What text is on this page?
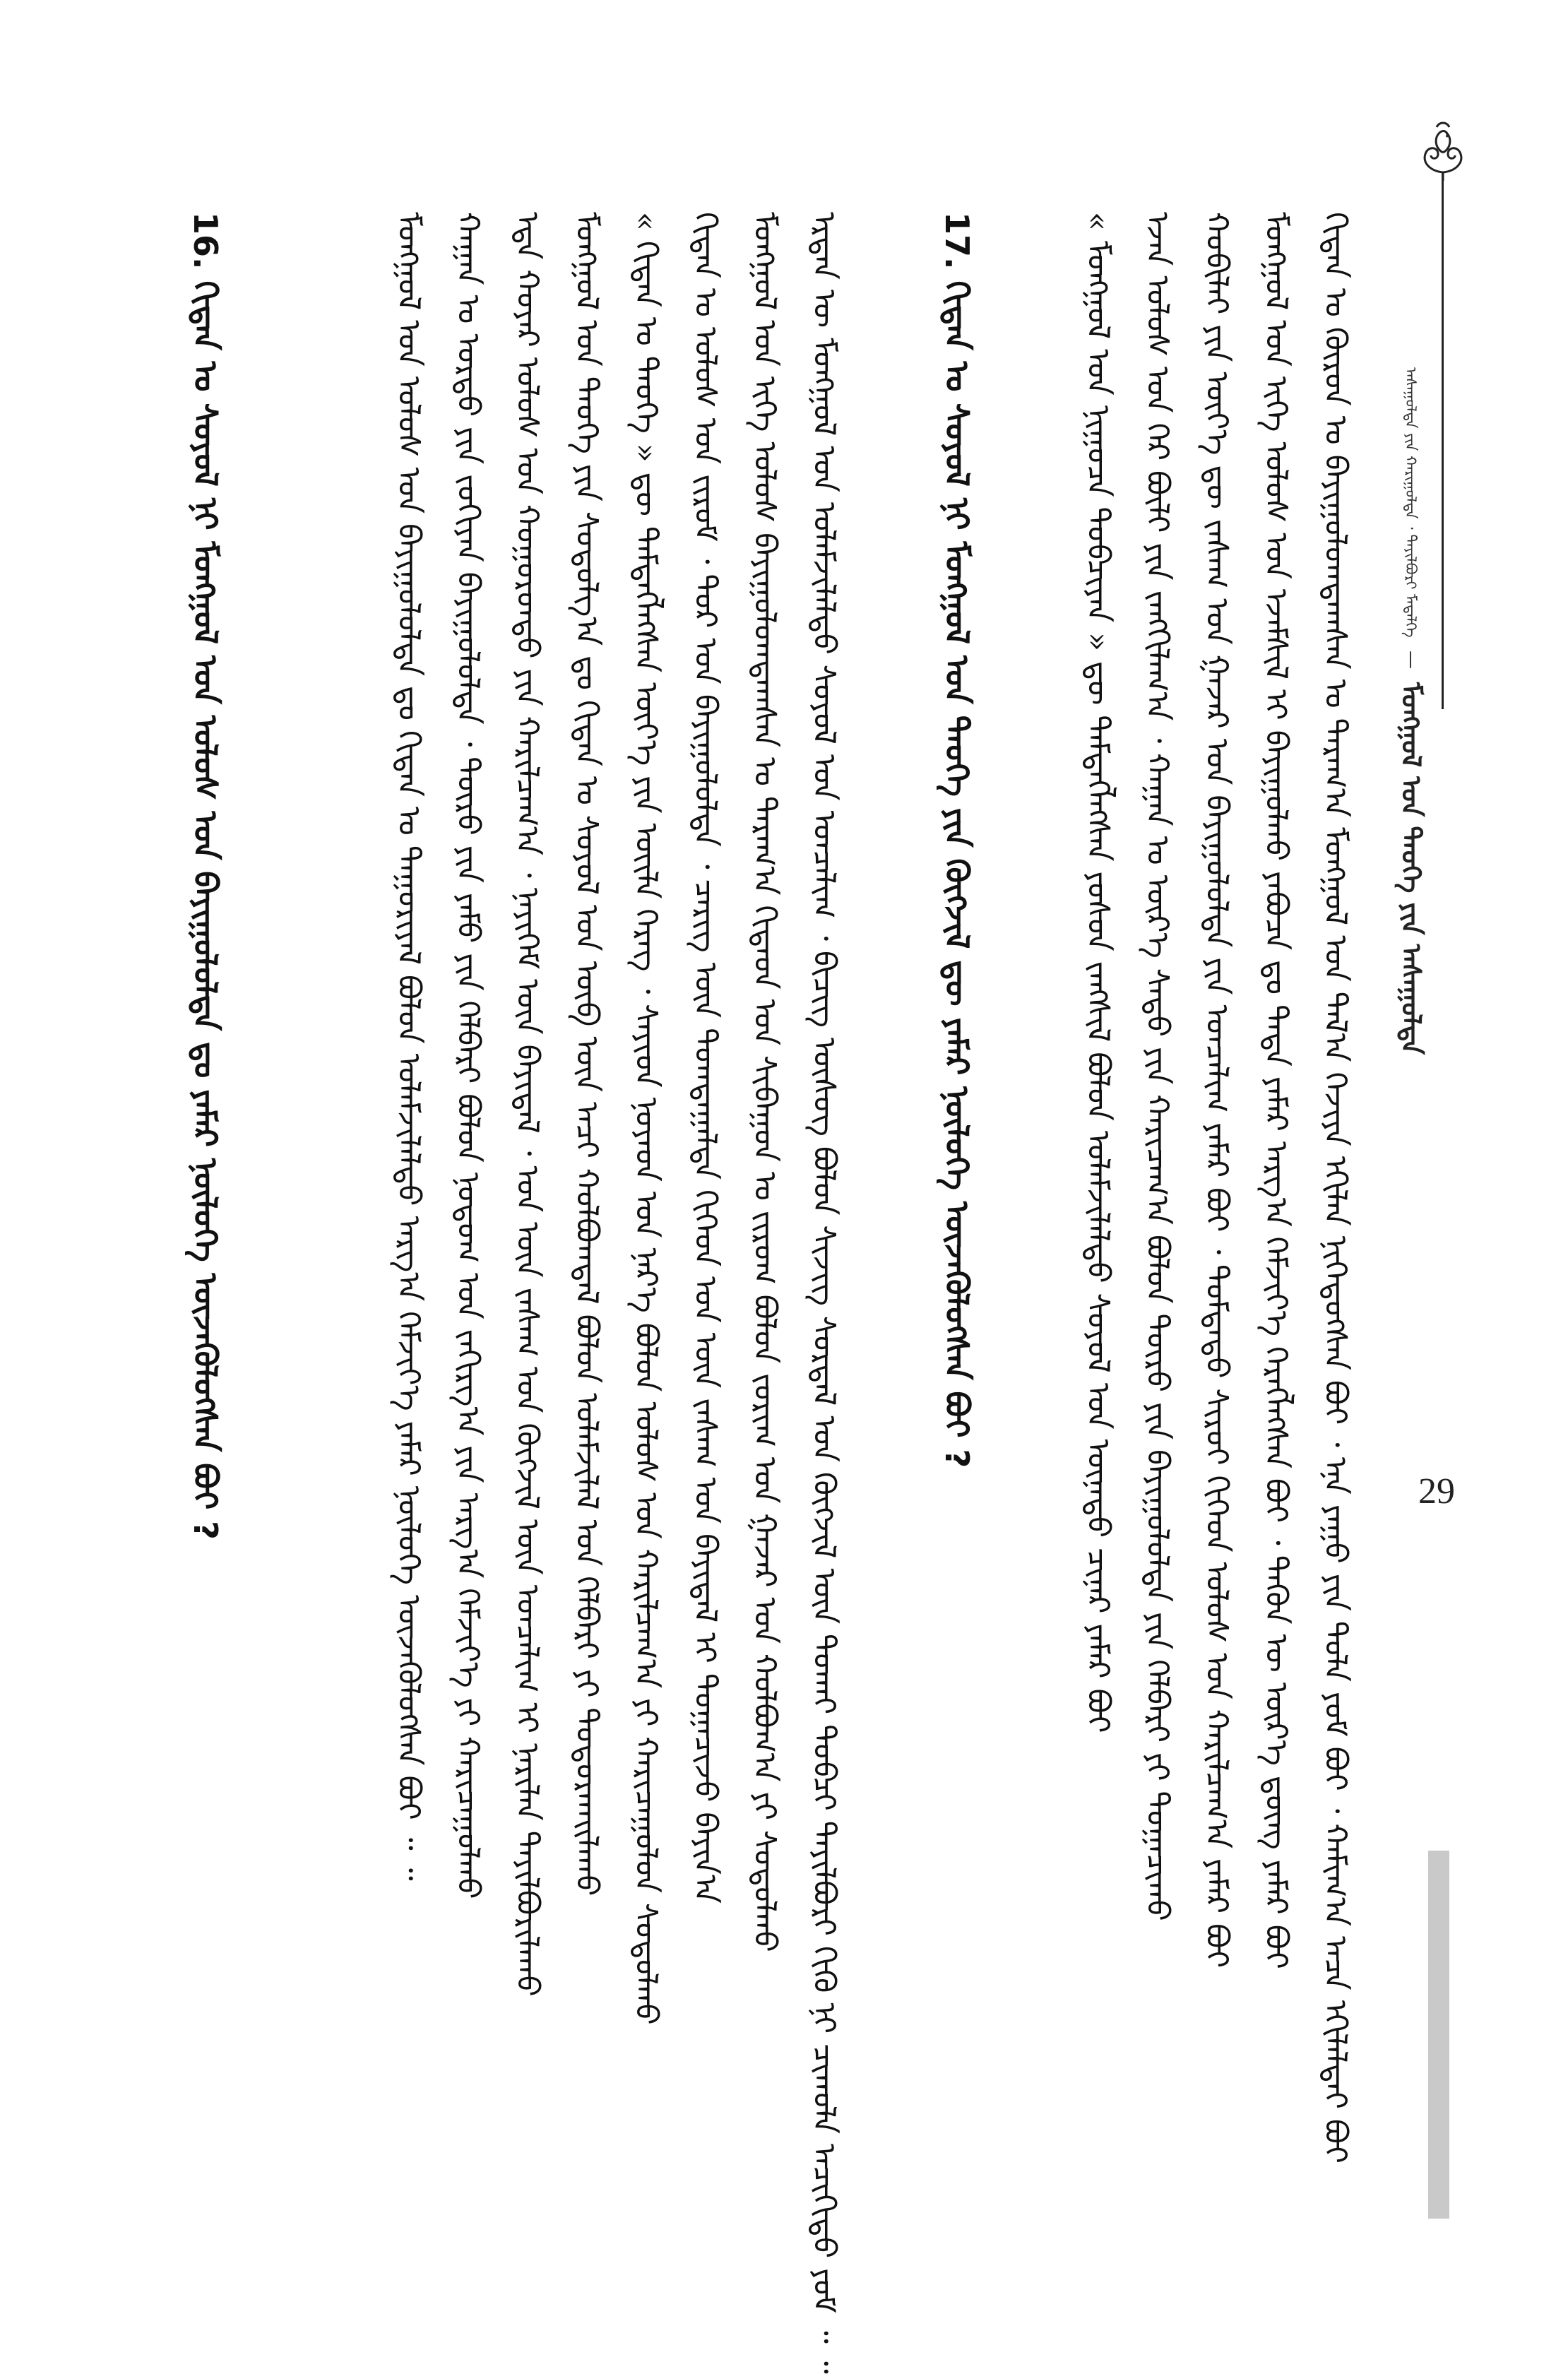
ᠠᠰᠠᠭᠤᠯᠲᠠ ᠶᠢᠨ ᠬᠠᠷᠢᠭᠤᠯᠲᠠ ᠂ ᠲᠠᠶᠢᠯᠪᠤᠷᠢ ᠮᠡᠳᠡᠯᠭᠡ
—
ᠮᠣᠩᠭᠣᠯ ᠤᠨ ᠲᠡᠦᠬᠡ ᠶᠢᠨ ᠠᠰᠠᠭᠤᠯᠲᠠ
ᠬᠢᠳᠠᠨ ᠤ ᠭᠦᠷᠦᠨ ᠤ ᠪᠠᠶᠢᠭᠤᠯᠤᠭᠳᠠᠭᠰᠠᠨ ᠤ ᠳᠠᠷᠠᠭ᠎ᠠ ᠮᠣᠩᠭᠣᠯ ᠤᠨ ᠲᠠᠯ᠎ᠠ ᠬᠡᠵᠢᠶᠡ ᠡᠬᠢᠯᠡᠨ ᠨᠢᠭᠡᠳᠦᠭᠰᠡᠨ ᠪᠤᠢ ᠂ ᠡᠨᠡ ᠶᠠᠭᠤ ᠶᠢᠨ ᠲᠤᠯᠠ ᠶᠤᠮ ᠪᠤᠢ ᠂ ᠬᠠᠮᠢᠭ᠎ᠠ ᠠᠴᠠ ᠡᠬᠢᠯᠡᠯᠲᠡᠢ ᠪᠤᠢ
ᠮᠣᠩᠭᠣᠯ ᠤᠨ ᠢᠬᠡ ᠣᠯᠤᠰ ᠤᠨ ᠡᠵᠡᠮᠰᠢᠯ ᠢ ᠪᠠᠶᠢᠭᠤᠯᠬᠤ ᠶᠠᠪᠤᠴᠠ ᠳᠤ ᠲᠡᠳᠡ ᠶᠠᠮᠠᠷ ᠠᠷᠭ᠎ᠠ ᠬᠡᠮᠵᠢᠶ᠎ᠡ ᠬᠡᠷᠡᠭᠯᠡᠭᠰᠡᠨ ᠪᠤᠢ ᠂ ᠲᠡᠭᠦᠨ ᠦ ᠦᠷ᠎ᠡ ᠳ᠋ᠦᠩ ᠶᠠᠮᠠᠷ ᠪᠤᠢ
ᠬᠤᠪᠢᠯᠠᠢ ᠶᠢᠨ ᠦᠶ᠎ᠡ ᠳᠦ ᠵᠠᠰᠠᠭ ᠤᠨ ᠭᠠᠵᠠᠷ ᠤᠨ ᠪᠠᠶᠢᠭᠤᠯᠤᠯᠲᠠ ᠶᠢᠨ ᠣᠨᠴᠠᠯᠢᠭ ᠶᠠᠮᠠᠷ ᠪᠤᠢ ᠂ ᠳᠤᠮᠳᠠᠳᠤ ᠰᠢᠷᠤᠢ ᠬᠢᠬᠡᠳ ᠤᠯᠤᠰ ᠤᠨ ᠬᠠᠷᠢᠯᠴᠠᠭ᠎ᠠ ᠶᠠᠮᠠᠷ ᠪᠤᠢ
ᠡᠵᠡᠨ ᠤᠯᠤᠰ ᠤᠨ ᠭᠡᠷ ᠪᠦᠯᠢ ᠶᠢᠨ ᠵᠠᠩᠭᠢᠯᠠᠭ᠎ᠠ ᠂ ᠬᠠᠭᠠᠨ ᠤ ᠦᠷ᠎ᠡ ᠰᠠᠳᠤ ᠶᠢᠨ ᠬᠠᠷᠢᠴᠠᠭ᠎ᠠ ᠪᠣᠯᠤᠨ ᠲᠦᠷᠦ ᠶᠢᠨ ᠪᠠᠶᠢᠭᠤᠯᠤᠯᠲᠠ ᠶᠢᠨ ᠬᠡᠯᠪᠡᠷᠢ ᠶᠢ ᠲᠣᠭᠠᠴᠢᠬᠤ
« ᠮᠣᠩᠭᠣᠯ ᠤᠨ ᠨᠢᠭᠤᠴᠠ ᠲᠣᠪᠴᠢᠶᠠᠨ » ᠳᠦ ᠲᠡᠮᠳᠡᠭᠯᠡᠭᠰᠡᠨ ᠶᠣᠰᠤᠨ ᠵᠠᠩᠰᠢᠯ ᠪᠣᠯᠤᠨ ᠤᠯᠠᠮᠵᠢᠯᠠᠯᠲᠤ ᠰᠣᠶᠣᠯ ᠤᠨ ᠦᠨᠡᠲᠦ ᠴᠢᠨᠠᠷ ᠶᠠᠮᠠᠷ ᠪᠤᠢ
17. ᠬᠢᠳᠠᠨ ᠤ ᠰᠤᠶᠤᠯ ᠨᠢ ᠮᠣᠩᠭᠣᠯ ᠤᠨ ᠲᠡᠦᠬᠡ ᠶᠢᠨ ᠬᠥᠭᠵᠢᠯ ᠳᠦ ᠶᠠᠮᠠᠷ ᠨᠥᠯᠦᠭᠡ ᠦᠵᠡᠭᠦᠯᠦᠭᠰᠡᠨ ᠪᠤᠢ ?
ᠡᠷᠲᠡᠨ ᠦ ᠮᠣᠩᠭᠣᠯ ᠤᠨ ᠤᠯᠠᠮᠵᠢᠯᠠᠯᠲᠤ ᠰᠤᠶᠤᠯ ᠤᠨ ᠣᠨᠴᠠᠯᠢᠭ ᠂ ᠪᠢᠴᠢᠭ᠌ ᠦᠰᠦᠭ ᠪᠣᠯᠤᠨ ᠰᠢᠵᠢᠭ ᠰᠤᠷᠲᠠᠯ ᠤᠨ ᠬᠦᠭᠵᠢᠯ ᠦᠨ ᠲᠤᠬᠠᠢ ᠲᠣᠪᠴᠢ ᠲᠠᠶᠢᠯᠪᠤᠷᠢ ᠬᠢᠬᠦ ᠨᠢ ᠴᠢᠬᠤᠯᠠ ᠠᠴᠢᠬᠢᠲᠤ ᠶᠤᠮ ᠃ ᠃
ᠮᠣᠩᠭᠣᠯ ᠤᠨ ᠢᠬᠡ ᠤᠯᠤᠰ ᠪᠠᠶᠢᠭᠤᠯᠤᠭᠳᠠᠭᠰᠠᠨ ᠤ ᠳᠠᠷᠠᠭ᠎ᠠ ᠬᠢᠳᠠᠳ ᠤᠨ ᠰᠢᠪᠠᠭᠤᠨ ᠤ ᠵᠢᠷᠤᠭ ᠪᠣᠯᠤᠨ ᠵᠣᠷᠢᠭ ᠤᠨ ᠭᠠᠵᠠᠷ ᠤᠨ ᠬᠣᠯᠪᠣᠭ᠎ᠠ ᠶᠢ ᠰᠤᠳᠤᠯᠬᠤ
ᠬᠢᠳᠠᠨ ᠤ ᠤᠯᠤᠰ ᠤᠨ ᠵᠢᠷᠤᠮ ᠂ ᠲᠤᠷ ᠤᠨ ᠪᠠᠶᠢᠭᠤᠯᠤᠯᠲᠠ ᠂ ᠴᠡᠷᠢᠭ ᠦᠨ ᠲᠣᠭᠲᠠᠭᠠᠯᠲᠠ ᠬᠢᠬᠡᠳ ᠡᠳ ᠦᠨ ᠵᠠᠰᠠᠭ ᠤᠨ ᠪᠠᠶᠢᠳᠠᠯ ᠢ ᠲᠣᠭᠠᠴᠢᠵᠤ ᠪᠠᠶᠢᠨ᠎ᠠ
« ᠬᠢᠳᠠᠨ ᠤ ᠲᠡᠦᠬᠡ » ᠳᠦ ᠲᠡᠮᠳᠡᠭᠯᠡᠭᠰᠡᠨ ᠦᠶ᠎ᠡ ᠶᠢᠨ ᠦᠢᠯᠡ ᠬᠡᠷᠡᠭ ᠂ ᠰᠠᠶᠢᠳ ᠨᠤᠶᠠᠳ ᠤᠨ ᠨᠡᠷ᠎ᠡ ᠪᠣᠯᠤᠨ ᠤᠯᠤᠰ ᠤᠨ ᠬᠠᠷᠢᠯᠴᠠᠭ᠎ᠠ ᠶᠢ ᠬᠠᠷᠢᠴᠠᠭᠤᠯᠤᠨ ᠰᠤᠳᠤᠯᠬᠤ
ᠮᠣᠩᠭᠣᠯ ᠤᠨ ᠲᠡᠦᠬᠡ ᠶᠢᠨ ᠰᠤᠳᠤᠯᠭ᠎ᠠ ᠳᠤ ᠬᠢᠳᠠᠨ ᠤ ᠰᠤᠶᠤᠯ ᠤᠨ ᠥᠪ ᠦᠨ ᠠᠴᠢ ᠬᠣᠯᠪᠣᠭᠳᠠᠯ ᠪᠣᠯᠤᠨ ᠤᠯᠠᠮᠵᠢᠯᠠᠯ ᠤᠨ ᠬᠡᠯᠪᠡᠷᠢ ᠶᠢ ᠲᠣᠳᠣᠷᠬᠠᠢᠯᠠᠬᠤ
ᠡᠳᠡ ᠬᠣᠶᠠᠷ ᠤᠯᠤᠰ ᠤᠨ ᠬᠣᠭᠣᠷᠣᠨᠳᠤ ᠶᠢᠨ ᠬᠠᠷᠢᠯᠴᠠᠭ᠎ᠠ ᠂ ᠨᠡᠶᠢᠭᠡᠮ ᠦᠨ ᠪᠠᠶᠢᠳᠠᠯ ᠂ ᠡᠳ ᠦᠨ ᠵᠠᠰᠠᠭ ᠤᠨ ᠬᠦᠭᠵᠢᠯ ᠦᠨ ᠣᠨᠴᠠᠯᠢᠭ ᠢ ᠨᠠᠷᠢᠯᠠᠨ ᠲᠠᠶᠢᠯᠪᠤᠷᠢᠯᠠᠬᠤ
ᠬᠠᠭᠠᠨ ᠤ ᠣᠷᠳᠣ ᠶᠢᠨ ᠵᠣᠬᠢᠶᠠᠨ ᠪᠠᠶᠢᠭᠤᠯᠤᠯᠲᠠ ᠂ ᠲᠦᠷᠦ ᠶᠢᠨ ᠶᠠᠮᠤ ᠶᠢᠨ ᠬᠡᠯᠪᠡᠷᠢ ᠪᠣᠯᠤᠨ ᠨᠤᠲᠤᠭ ᠤᠨ ᠵᠠᠬᠢᠷᠭ᠎ᠠ ᠶᠢᠨ ᠠᠷᠭ᠎ᠠ ᠬᠡᠮᠵᠢᠶ᠎ᠡ ᠶᠢ ᠬᠠᠷᠢᠴᠠᠭᠤᠯᠬᠤ
ᠮᠣᠩᠭᠣᠯ ᠤᠨ ᠤᠯᠤᠰ ᠤᠨ ᠪᠠᠶᠢᠭᠤᠯᠤᠯᠲᠠ ᠳᠤ ᠬᠢᠳᠠᠨ ᠤ ᠳᠠᠭᠤᠷᠢᠶᠠᠯ ᠪᠣᠯᠤᠨ ᠤᠯᠠᠮᠵᠢᠯᠠᠯᠲᠤ ᠠᠷᠭ᠎ᠠ ᠬᠡᠮᠵᠢᠶ᠎ᠡ ᠶᠠᠮᠠᠷ ᠨᠥᠯᠦᠭᠡ ᠦᠵᠡᠭᠦᠯᠦᠭᠰᠡᠨ ᠪᠤᠢ ᠃ ᠃
16. ᠬᠢᠳᠠᠨ ᠤ ᠰᠤᠶᠤᠯ ᠨᠢ ᠮᠣᠩᠭᠣᠯ ᠤᠨ ᠤᠯᠤᠰ ᠤᠨ ᠪᠠᠶᠢᠭᠤᠯᠤᠯᠲᠠ ᠳᠤ ᠶᠠᠮᠠᠷ ᠨᠥᠯᠦᠭᠡ ᠦᠵᠡᠭᠦᠯᠦᠭᠰᠡᠨ ᠪᠤᠢ ?	29
